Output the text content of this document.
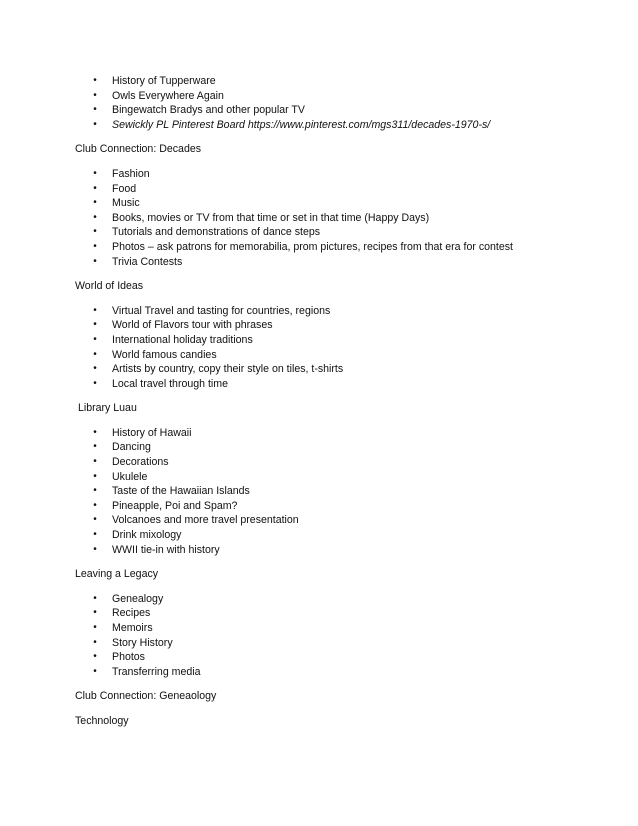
•	History of Tupperware
•	Owls Everywhere Again
•	Bingewatch Bradys and other popular TV
•	Sewickly PL Pinterest Board https://www.pinterest.com/mgs311/decades-1970-s/
Club Connection: Decades
•	Fashion
•	Food
•	Music
•	Books, movies or TV from that time or set in that time (Happy Days)
•	Tutorials and demonstrations of dance steps
•	Photos – ask patrons for memorabilia, prom pictures, recipes from that era for contest
•	Trivia Contests
World of Ideas
•	Virtual Travel and tasting for countries, regions
•	World of Flavors tour with phrases
•	International holiday traditions
•	World famous candies
•	Artists by country, copy their style on tiles, t-shirts
•	Local travel through time
Library Luau
•	History of Hawaii
•	Dancing
•	Decorations
•	Ukulele
•	Taste of the Hawaiian Islands
•	Pineapple, Poi and Spam?
•	Volcanoes and more travel presentation
•	Drink mixology
•	WWII tie-in with history
Leaving a Legacy
•	Genealogy
•	Recipes
•	Memoirs
•	Story History
•	Photos
•	Transferring media
Club Connection: Geneaology
Technology
